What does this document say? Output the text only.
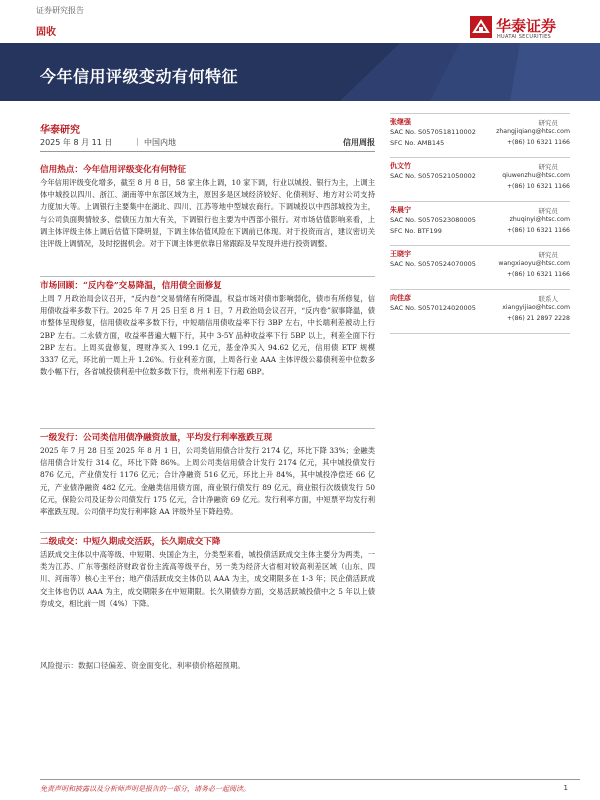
证券研究报告
固收	华泰证券
HUATAI SECURITIES
今年信用评级变动有何特征
华泰研究
2025 年 8 月 11 日	| 中国内地	信用周报
信用热点：今年信用评级变化有何特征
今年信用评级变化增多，截至 8 月 8 日，58 家主体上调，10 家下调，行业以城投、银行为主，上调主体中城投以四川、浙江、湖南等中东部区域为主，原因多是区域经济较好、化债利好、地方对公司支持力度加大等。上调银行主要集中在湖北、四川、江苏等地中型城农商行。下调城投以中西部城投为主，与公司负面舆情较多、偿债压力加大有关，下调银行也主要为中西部小银行。对市场估值影响来看，上调主体评级主体上调后估值下降明显，下调主体估值风险在下调前已体现。对于投资而言，建议密切关注评级上调情况，及时挖掘机会。对于下调主体更依靠日常跟踪及早发现并进行投资调整。
市场回顾：“反内卷”交易降温，信用债全面修复
上周 7 月政治局会议召开，“反内卷”交易情绪有所降温，权益市场对债市影响弱化，债市有所修复，信用债收益率多数下行。2025 年 7 月 25 日至 8 月 1 日，7 月政治局会议召开，“反内卷”叙事降温，债市整体呈现修复，信用债收益率多数下行，中短端信用债收益率下行 3BP 左右，中长端利差被动上行 2BP 左右。二永债方面，收益率普遍大幅下行，其中 3-5Y 品种收益率下行 5BP 以上，利差全面下行 2BP 左右。上周买盘修复，理财净买入 199.1 亿元，基金净买入 94.62 亿元，信用债 ETF 规模 3337 亿元，环比前一周上升 1.26%。行业利差方面，上周各行业 AAA 主体评级公募债利差中位数多数小幅下行，各省城投债利差中位数多数下行，贵州利差下行超 6BP。
一级发行：公司类信用债净融资放量，平均发行利率涨跌互现
2025 年 7 月 28 日至 2025 年 8 月 1 日，公司类信用债合计发行 2174 亿，环比下降 33%；金融类信用债合计发行 314 亿，环比下降 86%。上周公司类信用债合计发行 2174 亿元，其中城投债发行 876 亿元，产业债发行 1176 亿元；合计净融资 516 亿元，环比上升 84%，其中城投净偿还 66 亿元，产业债净融资 482 亿元。金融类信用债方面，商业银行债发行 89 亿元，商业银行次级债发行 50 亿元，保险公司及证券公司债发行 175 亿元，合计净融资 69 亿元。发行利率方面，中短票平均发行利率涨跌互现。公司债平均发行利率除 AA 评级外呈下降趋势。
二级成交：中短久期成交活跃，长久期成交下降
活跃成交主体以中高等级、中短期、央国企为主，分类型来看，城投债活跃成交主体主要分为两类，一类为江苏、广东等强经济财政省份主流高等级平台，另一类为经济大省相对较高利差区域（山东、四川、河南等）核心主平台；地产债活跃成交主体仍以 AAA 为主，成交期限多在 1-3 年；民企债活跃成交主体也仍以 AAA 为主，成交期限多在中短期限。长久期债券方面，交易活跃城投债中之 5 年以上债券成交，相比前一周（4%）下降。
风险提示：数据口径偏差、资金面变化、利率债价格超预期。
张继强	研究员
SAC No. S0570518110002
SFC No. AMB145
zhangjiqiang@htsc.com
+(86) 10 6321 1166
仇文竹	研究员
SAC No. S0570521050002	qiuwenzhu@htsc.com
+(86) 10 6321 1166
朱晨宁	研究员
SAC No. S0570523080005
SFC No. BTF199
zhuqinyi@htsc.com
+(86) 10 6321 1166
王晓宇	研究员
SAC No. S0570524070005	wangxiaoyu@htsc.com
+(86) 10 6321 1166
向佳彦	联系人
SAC No. S0570124020005	xiangyijiao@htsc.com
+(86) 21 2897 2228
免责声明和披露以及分析师声明是报告的一部分，请务必一起阅读。	1
